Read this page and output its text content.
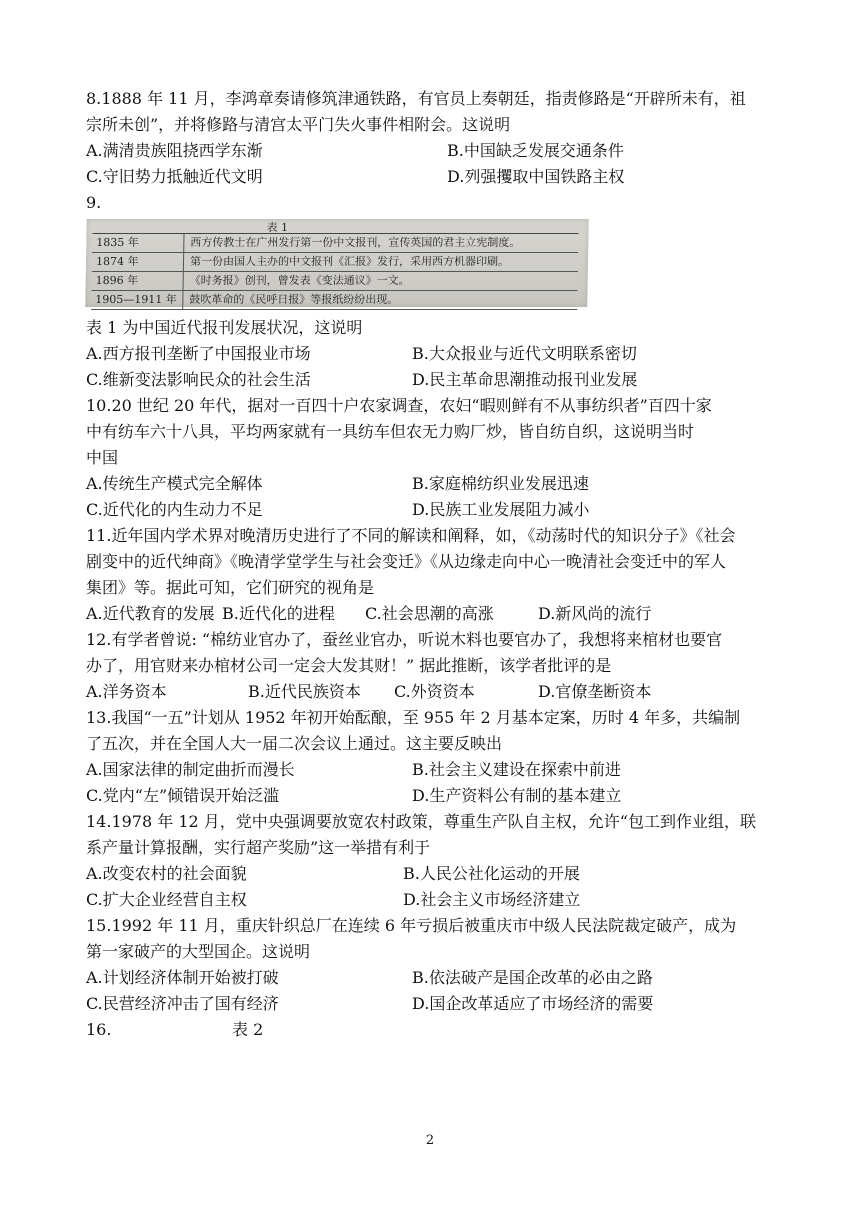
8.1888 年 11 月，李鸿章奏请修筑津通铁路，有官员上奏朝廷，指责修路是“开辟所未有，祖
宗所未创”，并将修路与清宫太平门失火事件相附会。这说明
A.满清贵族阻挠西学东渐	B.中国缺乏发展交通条件
C.守旧势力抵触近代文明	D.列强攫取中国铁路主权
9.
表 1
1835 年	西方传教士在广州发行第一份中文报刊，宣传英国的君主立宪制度。
1874 年	第一份由国人主办的中文报刊《汇报》发行，采用西方机器印刷。
1896 年	《时务报》创刊，曾发表《变法通议》一文。
1905—1911 年	鼓吹革命的《民呼日报》等报纸纷纷出现。
表 1 为中国近代报刊发展状况，这说明
A.西方报刊垄断了中国报业市场	B.大众报业与近代文明联系密切
C.维新变法影响民众的社会生活	D.民主革命思潮推动报刊业发展
10.20 世纪 20 年代，据对一百四十户农家调查，农妇“暇则鲜有不从事纺织者”百四十家
中有纺车六十八具，平均两家就有一具纺车但农无力购厂炒，皆自纺自织，这说明当时
中国
A.传统生产模式完全解体	B.家庭棉纺织业发展迅速
C.近代化的内生动力不足	D.民族工业发展阻力减小
11.近年国内学术界对晚清历史进行了不同的解读和阐释，如，《动荡时代的知识分子》《社会
剧变中的近代绅商》《晚清学堂学生与社会变迁》《从边缘走向中心一晚清社会变迁中的军人
集团》等。据此可知，它们研究的视角是
A.近代教育的发展 B.近代化的进程 C.社会思潮的高涨	D.新风尚的流行
12.有学者曾说: “棉纺业官办了，蚕丝业官办，听说木料也要官办了，我想将来棺材也要官
办了，用官财来办棺材公司一定会大发其财！” 据此推断，该学者批评的是
A.洋务资本	B.近代民族资本 C.外资资本	D.官僚垄断资本
13.我国“一五”计划从 1952 年初开始酝酿，至 955 年 2 月基本定案，历时 4 年多，共编制
了五次，并在全国人大一届二次会议上通过。这主要反映出
A.国家法律的制定曲折而漫长	B.社会主义建设在探索中前进
C.党内“左”倾错误开始泛滥	D.生产资料公有制的基本建立
14.1978 年 12 月，党中央强调要放宽农村政策，尊重生产队自主权，允许“包工到作业组，联
系产量计算报酬，实行超产奖励”这一举措有利于
A.改变农村的社会面貌	B.人民公社化运动的开展
C.扩大企业经营自主权	D.社会主义市场经济建立
15.1992 年 11 月，重庆针织总厂在连续 6 年亏损后被重庆市中级人民法院裁定破产，成为
第一家破产的大型国企。这说明
A.计划经济体制开始被打破	B.依法破产是国企改革的必由之路
C.民营经济冲击了国有经济	D.国企改革适应了市场经济的需要
16.	表 2
2
